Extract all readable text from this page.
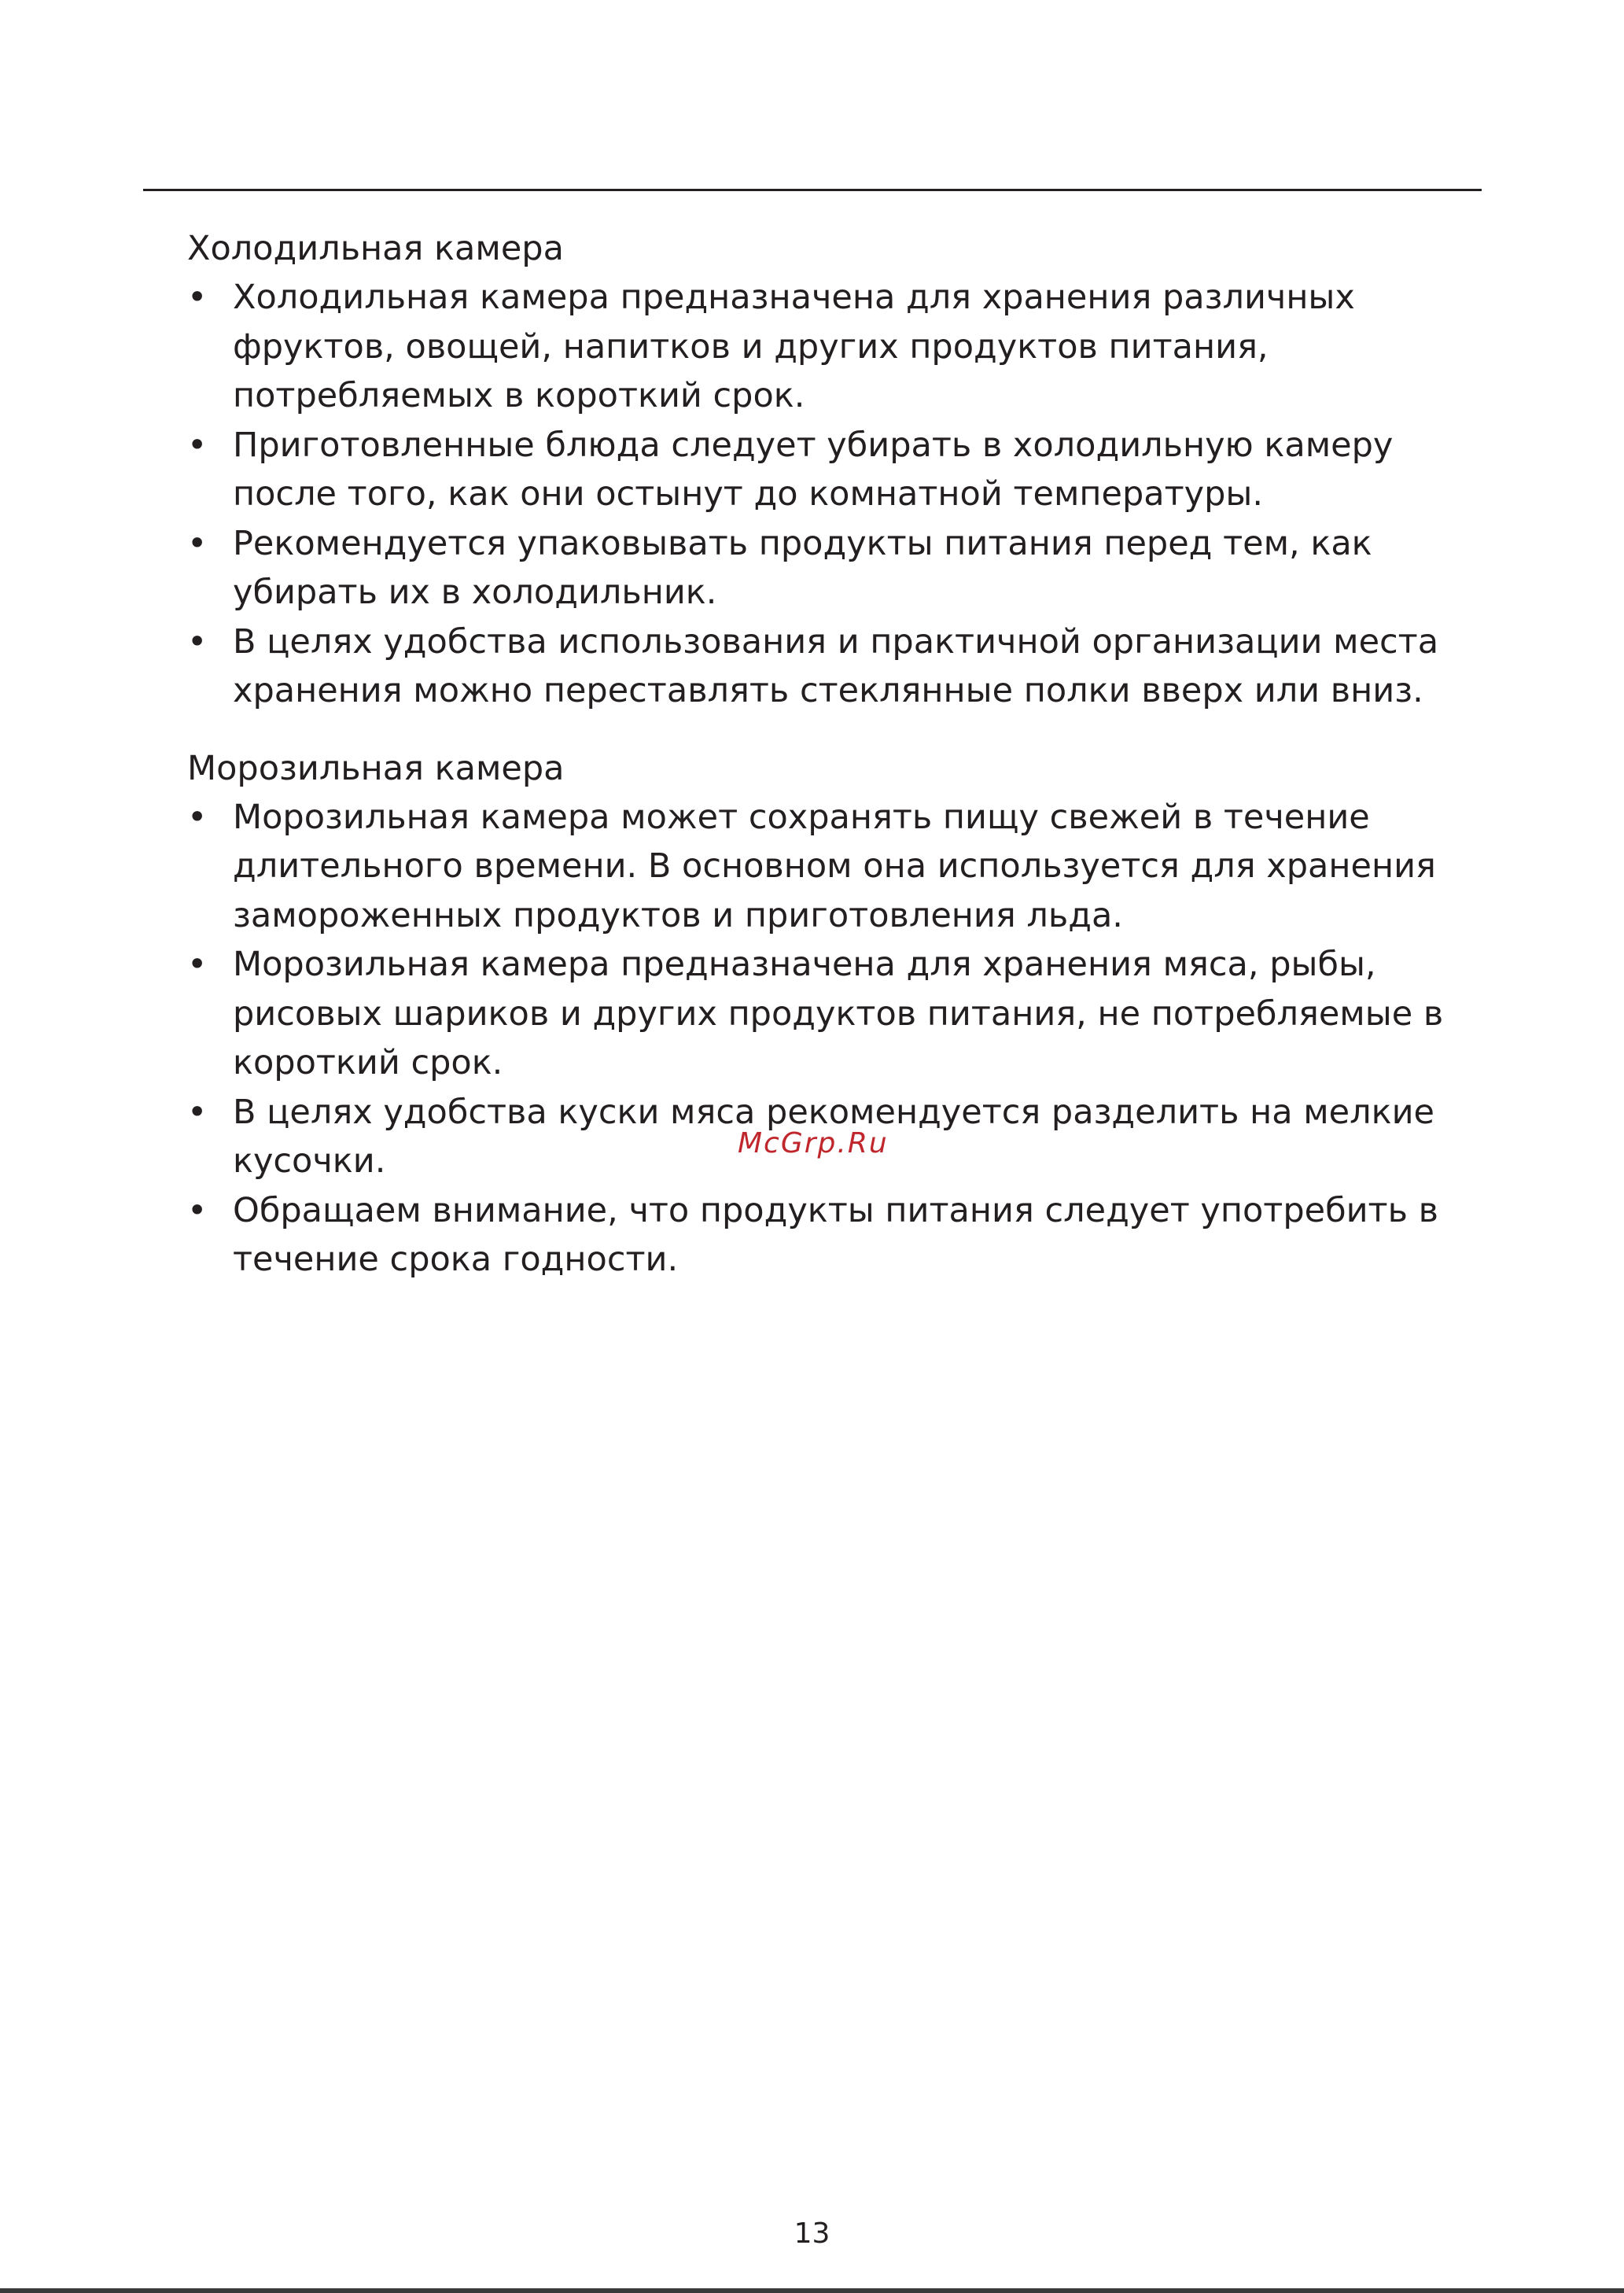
Холодильная камера
• Холодильная камера предназначена для хранения различных
фруктов, овощей, напитков и других продуктов питания,
потребляемых в короткий срок.
• Приготовленные блюда следует убирать в холодильную камеру
после того, как они остынут до комнатной температуры.
• Рекомендуется упаковывать продукты питания перед тем, как
убирать их в холодильник.
• В целях удобства использования и практичной организации места
хранения можно переставлять стеклянные полки вверх или вниз.
Морозильная камера
• Морозильная камера может сохранять пищу свежей в течение
длительного времени. В основном она используется для хранения
замороженных продуктов и приготовления льда.
• Морозильная камера предназначена для хранения мяса, рыбы,
рисовых шариков и других продуктов питания, не потребляемые в
короткий срок.
• В целях удобства куски мяса рекомендуется разделить на мелкие
кусочки.
• Обращаем внимание, что продукты питания следует употребить в
течение срока годности.
McGrp.Ru
13
